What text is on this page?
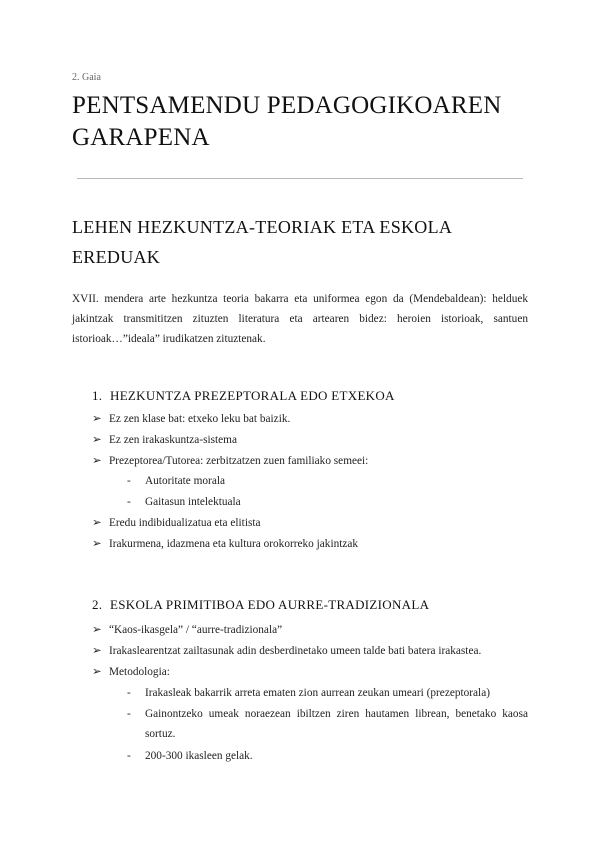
2. Gaia
PENTSAMENDU PEDAGOGIKOAREN GARAPENA
LEHEN HEZKUNTZA-TEORIAK ETA ESKOLA EREDUAK
XVII. mendera arte hezkuntza teoria bakarra eta uniformea egon da (Mendebaldean): helduek jakintzak transmititzen zituzten literatura eta artearen bidez: heroien istorioak, santuen istorioak…”ideala” irudikatzen zituztenak.
1. HEZKUNTZA PREZEPTORALA EDO ETXEKOA
➢ Ez zen klase bat: etxeko leku bat baizik.
➢ Ez zen irakaskuntza-sistema
➢ Prezeptorea/Tutorea: zerbitzatzen zuen familiako semeei:
- Autoritate morala
- Gaitasun intelektuala
➢ Eredu indibidualizatua eta elitista
➢ Irakurmena, idazmena eta kultura orokorreko jakintzak
2. ESKOLA PRIMITIBOA EDO AURRE-TRADIZIONALA
➢ “Kaos-ikasgela” / “aurre-tradizionala”
➢ Irakaslearentzat zailtasunak adin desberdinetako umeen talde bati batera irakastea.
➢ Metodologia:
- Irakasleak bakarrik arreta ematen zion aurrean zeukan umeari (prezeptorala)
- Gainontzeko umeak noraezean ibiltzen ziren hautamen librean, benetako kaosa sortuz.
- 200-300 ikasleen gelak.
